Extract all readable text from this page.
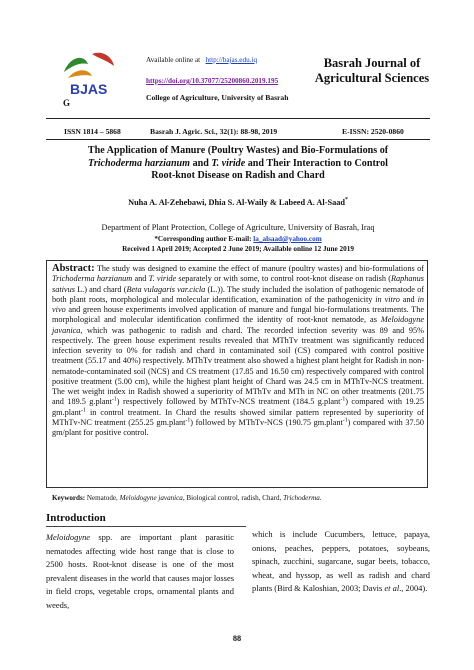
BJAS
G
Available online at http://bajas.edu.iq
https://doi.org/10.37077/25200860.2019.195
College of Agriculture, University of Basrah
Basrah Journal of Agricultural Sciences
ISSN 1814 – 5868	Basrah J. Agric. Sci., 32(1): 88-98, 2019	E-ISSN: 2520-0860
The Application of Manure (Poultry Wastes) and Bio-Formulations of
Trichoderma harzianum and T. viride and Their Interaction to Control
Root-knot Disease on Radish and Chard
Nuha A. Al-Zehebawi, Dhia S. Al-Waily & Labeed A. Al-Saad*
Department of Plant Protection, College of Agriculture, University of Basrah, Iraq
*Corresponding author E-mail: la_alsaad@yahoo.com
Received 1 April 2019; Accepted 2 June 2019; Available online 12 June 2019
Abstract: The study was designed to examine the effect of manure (poultry wastes) and bio-formulations of Trichoderma harzianum and T. viride separately or with some, to control root-knot disease on radish (Raphanus sativus L.) and chard (Beta vulagaris var.cicla (L.)). The study included the isolation of pathogenic nematode of both plant roots, morphological and molecular identification, examination of the pathogenicity in vitro and in vivo and green house experiments involved application of manure and fungal bio-formulations treatments. The morphological and molecular identification confirmed the identity of root-knot nematode, as Meloidogyne javanica, which was pathogenic to radish and chard. The recorded infection severity was 89 and 95% respectively. The green house experiment results revealed that MThTv treatment was significantly reduced infection severity to 0% for radish and chard in contaminated soil (CS) compared with control positive treatment (55.17 and 40%) respectively. MThTv treatment also showed a highest plant height for Radish in non-nematode-contaminated soil (NCS) and CS treatment (17.85 and 16.50 cm) respectively compared with control positive treatment (5.00 cm), while the highest plant height of Chard was 24.5 cm in MThTv-NCS treatment. The wet weight index in Radish showed a superiority of MThTv and MTh in NC on other treatments (201.75 and 189.5 g.plant$^{-1}$) respectively followed by MThTv-NCS treatment (184.5 g.plant$^{-1}$) compared with 19.25 gm.plant$^{-1}$ in control treatment. In Chard the results showed similar pattern represented by superiority of MThTv-NC treatment (255.25 gm.plant$^{-1}$) followed by MThTv-NCS (190.75 gm.plant$^{-1}$) compared with 37.50 gm/plant for positive control.
Keywords: Nematode, Meloidogyne javanica, Biological control, radish, Chard, Trichoderma.
Introduction
Meloidogyne spp. are important plant parasitic nematodes affecting wide host range that is close to 2500 hosts. Root-knot disease is one of the most prevalent diseases in the world that causes major losses in field crops, vegetable crops, ornamental plants and weeds,
which is include Cucumbers, lettuce, papaya, onions, peaches, peppers, potatoes, soybeans, spinach, zucchini, sugarcane, sugar beets, tobacco, wheat, and hyssop, as well as radish and chard plants (Bird & Kaloshian, 2003; Davis et al., 2004).
88
